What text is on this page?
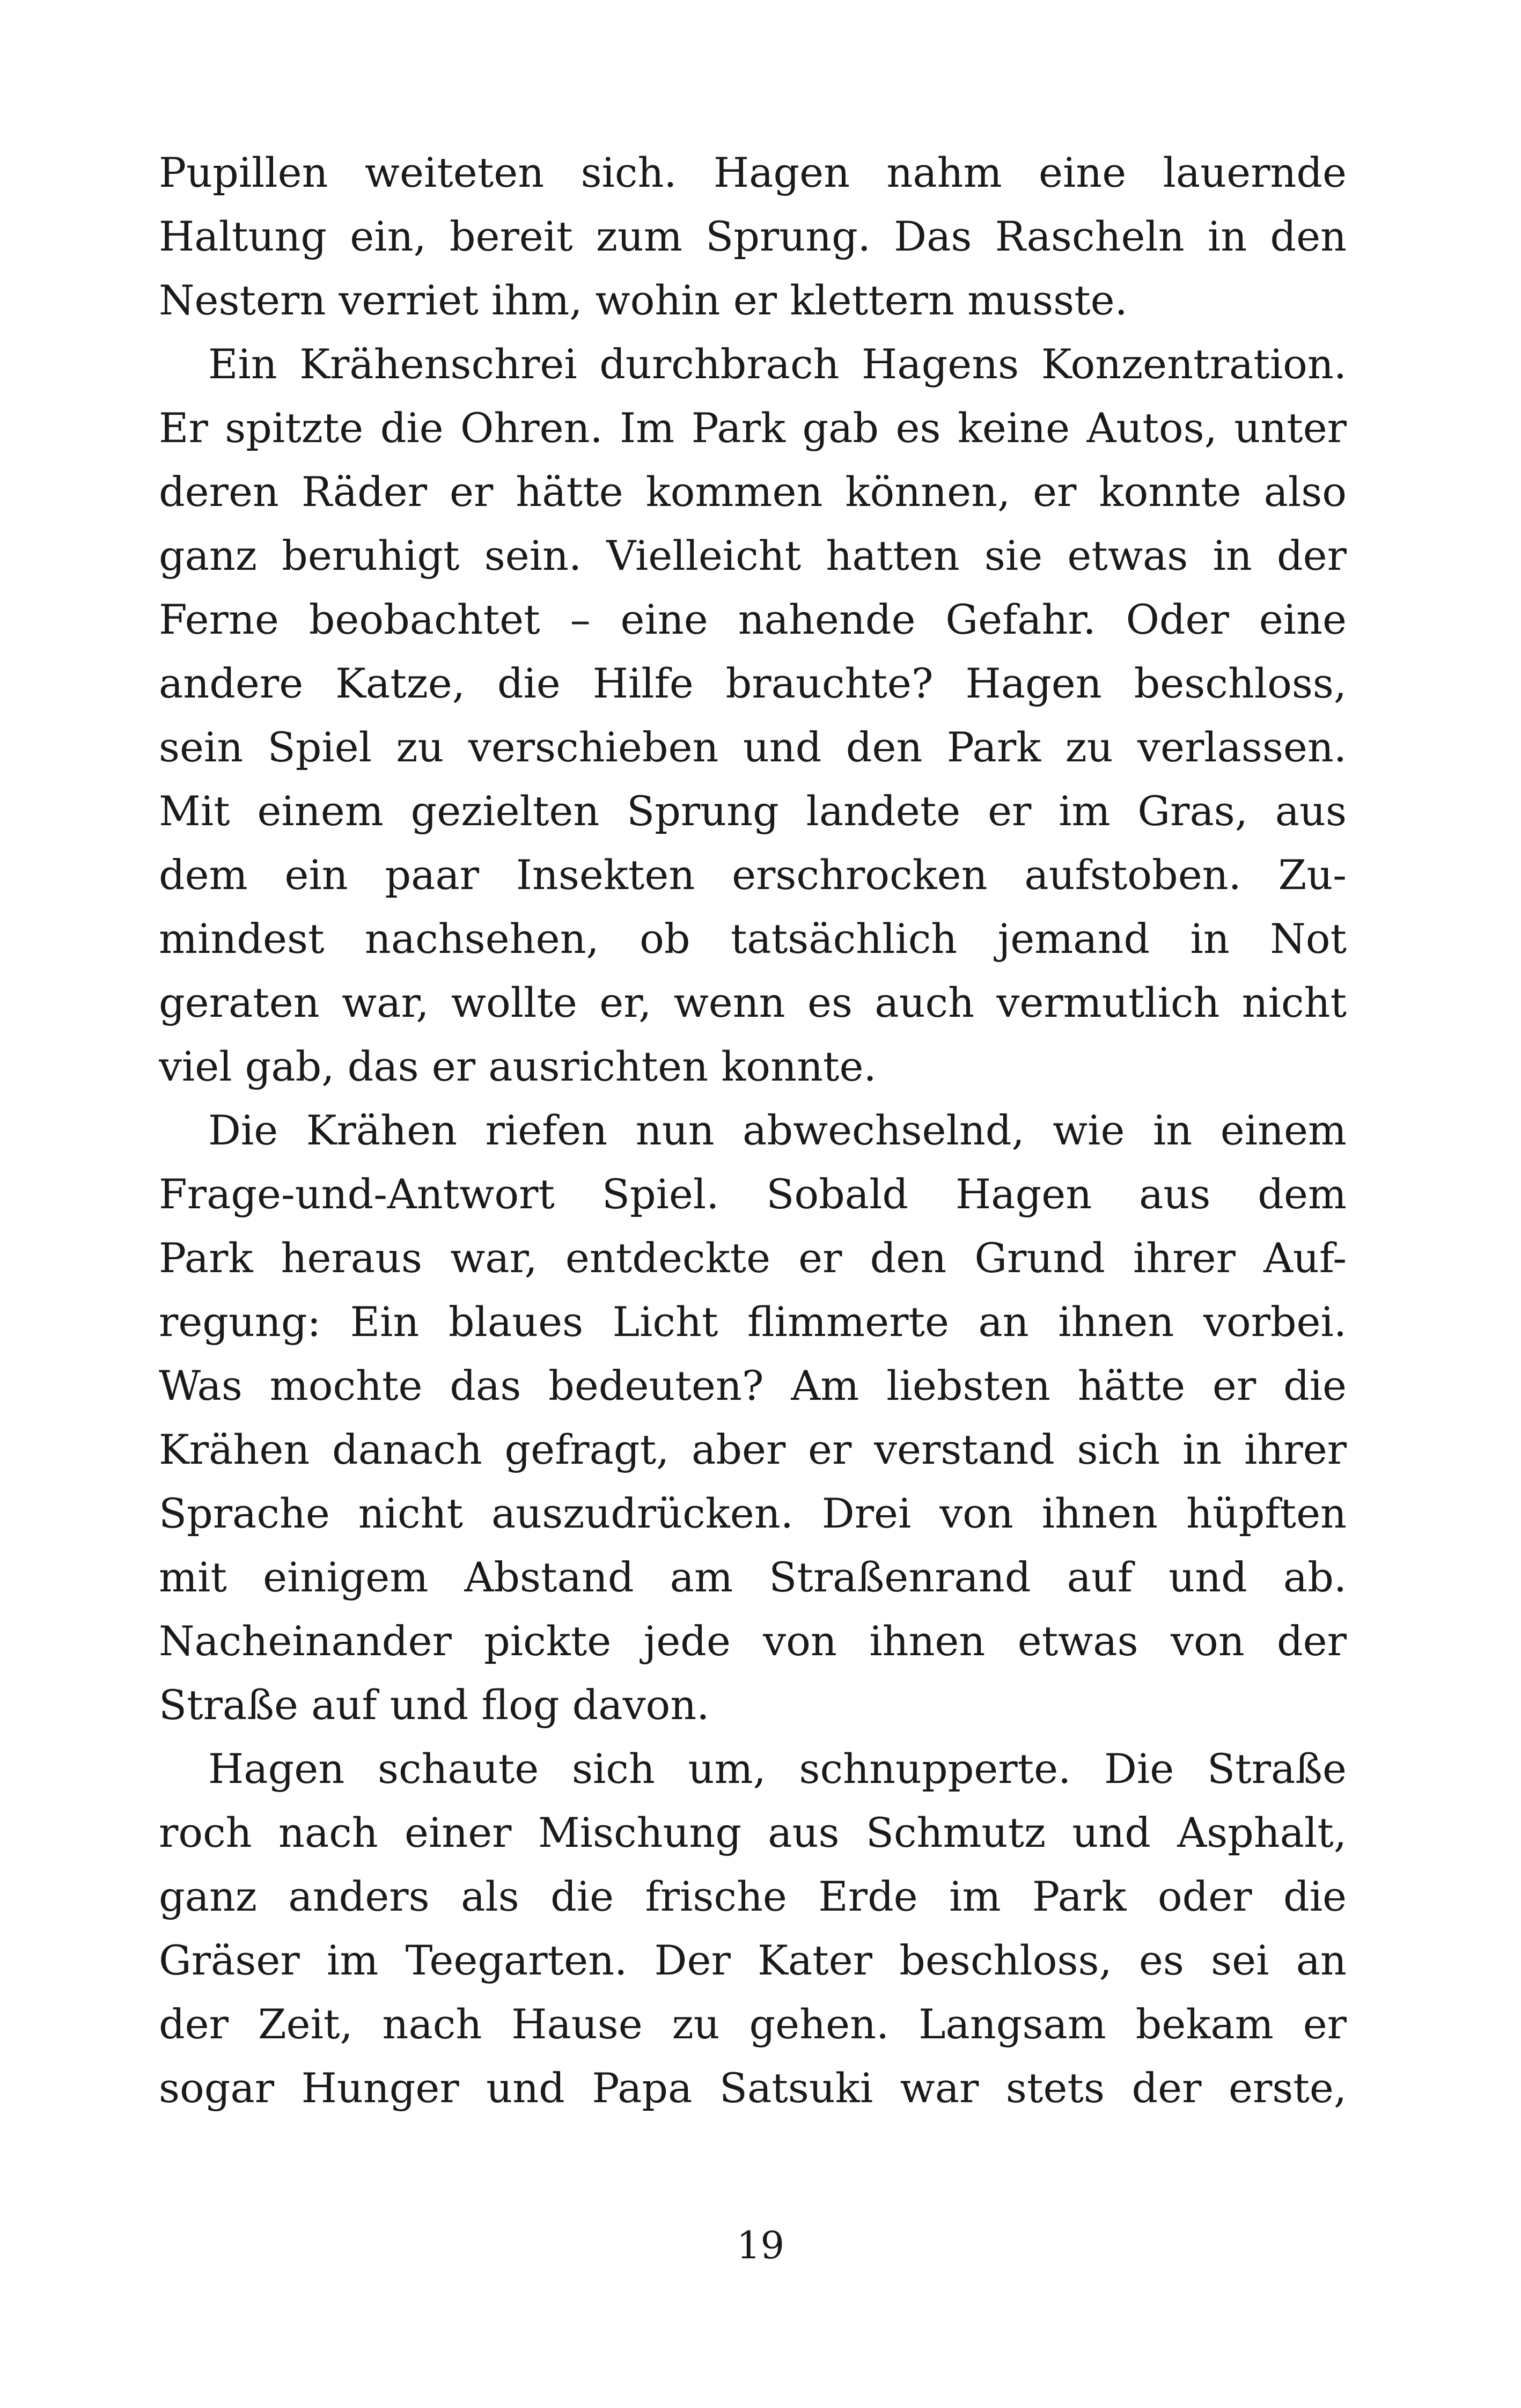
Pupillen weiteten sich. Hagen nahm eine lauernde
Haltung ein, bereit zum Sprung. Das Rascheln in den
Nestern verriet ihm, wohin er klettern musste.
Ein Krähenschrei durchbrach Hagens Konzentration.
Er spitzte die Ohren. Im Park gab es keine Autos, unter
deren Räder er hätte kommen können, er konnte also
ganz beruhigt sein. Vielleicht hatten sie etwas in der
Ferne beobachtet – eine nahende Gefahr. Oder eine
andere Katze, die Hilfe brauchte? Hagen beschloss,
sein Spiel zu verschieben und den Park zu verlassen.
Mit einem gezielten Sprung landete er im Gras, aus
dem ein paar Insekten erschrocken aufstoben. Zu-
mindest nachsehen, ob tatsächlich jemand in Not
geraten war, wollte er, wenn es auch vermutlich nicht
viel gab, das er ausrichten konnte.
Die Krähen riefen nun abwechselnd, wie in einem
Frage-und-Antwort Spiel. Sobald Hagen aus dem
Park heraus war, entdeckte er den Grund ihrer Auf-
regung: Ein blaues Licht flimmerte an ihnen vorbei.
Was mochte das bedeuten? Am liebsten hätte er die
Krähen danach gefragt, aber er verstand sich in ihrer
Sprache nicht auszudrücken. Drei von ihnen hüpften
mit einigem Abstand am Straßenrand auf und ab.
Nacheinander pickte jede von ihnen etwas von der
Straße auf und flog davon.
Hagen schaute sich um, schnupperte. Die Straße
roch nach einer Mischung aus Schmutz und Asphalt,
ganz anders als die frische Erde im Park oder die
Gräser im Teegarten. Der Kater beschloss, es sei an
der Zeit, nach Hause zu gehen. Langsam bekam er
sogar Hunger und Papa Satsuki war stets der erste,
19
